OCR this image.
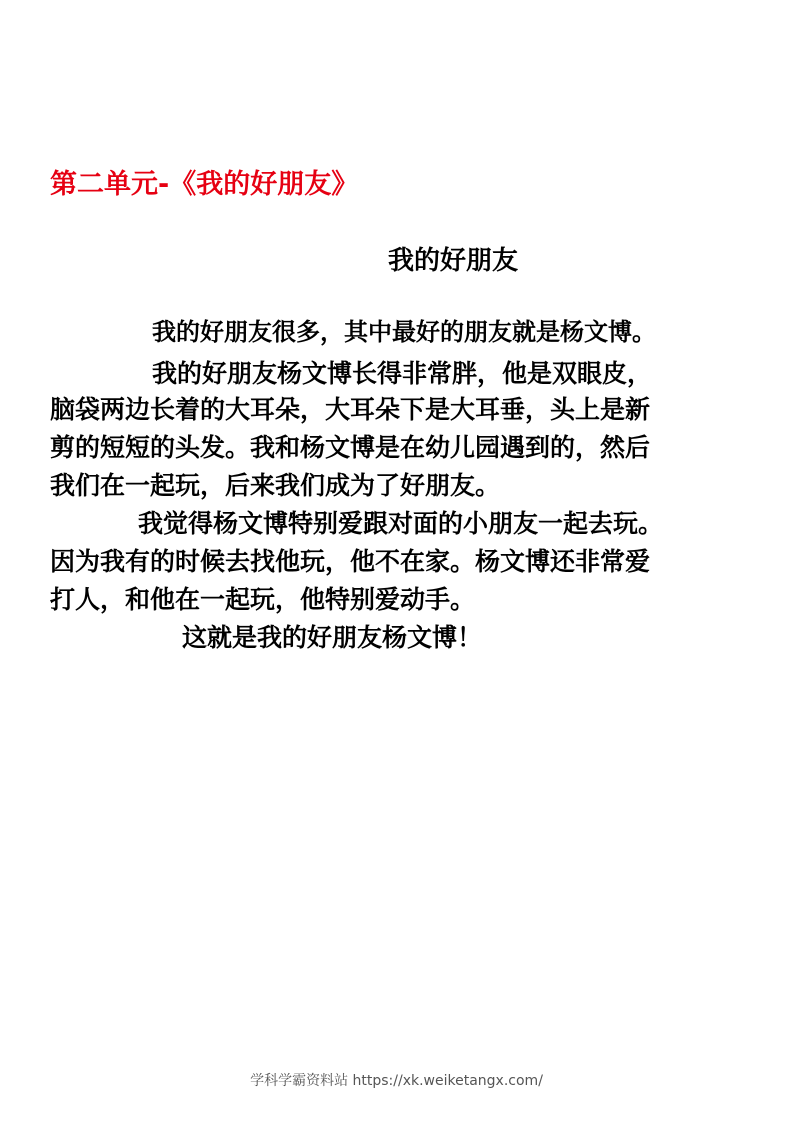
第二单元-《我的好朋友》
我的好朋友

我的好朋友很多，其中最好的朋友就是杨文博。

我的好朋友杨文博长得非常胖，他是双眼皮，

脑袋两边长着的大耳朵，大耳朵下是大耳垂，头上是新

剪的短短的头发。我和杨文博是在幼儿园遇到的，然后

我们在一起玩，后来我们成为了好朋友。

我觉得杨文博特别爱跟对面的小朋友一起去玩。

因为我有的时候去找他玩，他不在家。杨文博还非常爱

打人，和他在一起玩，他特别爱动手。

这就是我的好朋友杨文博！

学科学霸资料站 https://xk.weiketangx.com/
